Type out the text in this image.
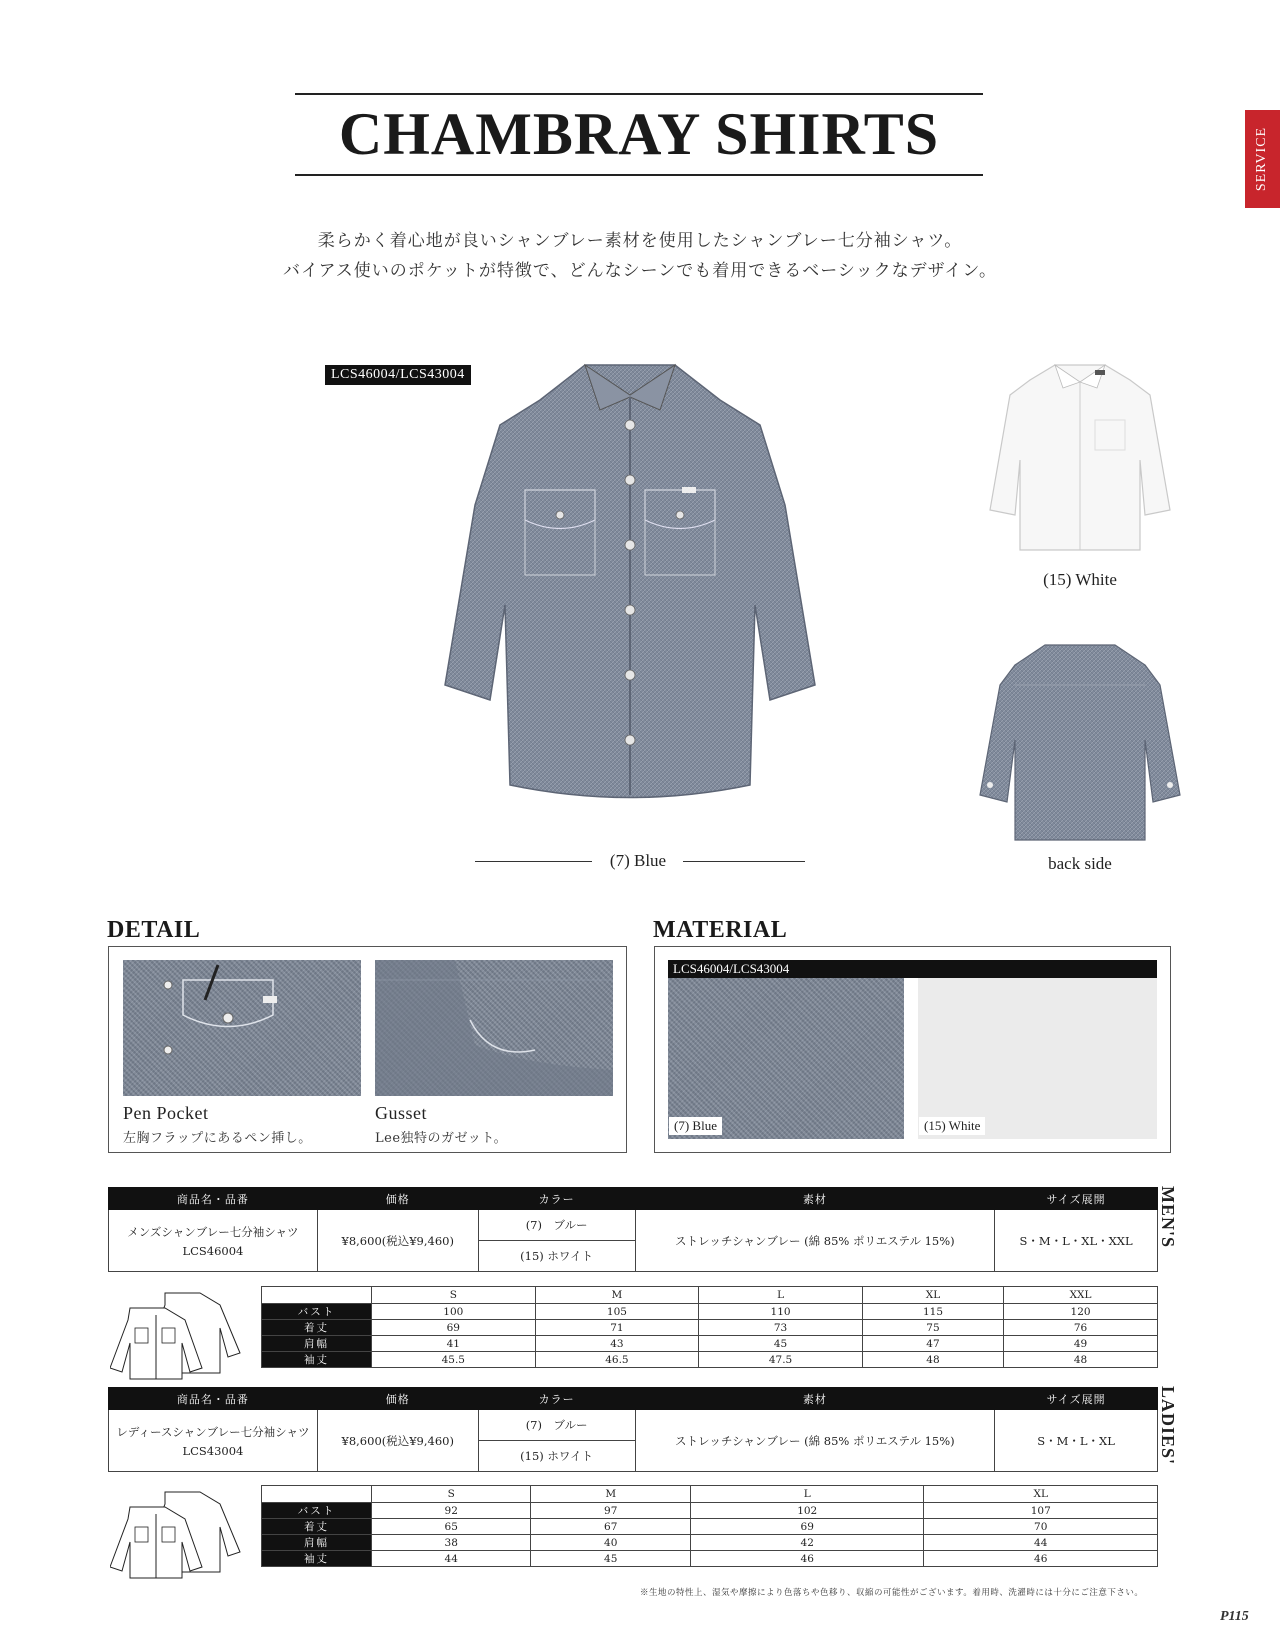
CHAMBRAY SHIRTS	SERVICE
柔らかく着心地が良いシャンブレー素材を使用したシャンブレー七分袖シャツ。
バイアス使いのポケットが特徴で、どんなシーンでも着用できるベーシックなデザイン。
LCS46004/LCS43004
(7) Blue
(15) White
back side
DETAIL
Pen Pocket
左胸フラップにあるペン挿し。
Gusset
Lee独特のガゼット。
MATERIAL
LCS46004/LCS43004
(7) Blue	(15) White
商品名・品番	価格	カラー	素材	サイズ展開

メンズシャンブレー七分袖シャツ
LCS46004	¥8,600(税込¥9,460)	(7)　ブルー	ストレッチシャンブレー (綿 85% ポリエステル 15%)	S・M・L・XL・XXL
		(15) ホワイト		
MEN'S
	S	M	L	XL	XXL
バスト	100	105	110	115	120
着丈	69	71	73	75	76
肩幅	41	43	45	47	49
袖丈	45.5	46.5	47.5	48	48
商品名・品番	価格	カラー	素材	サイズ展開

レディースシャンブレー七分袖シャツ
LCS43004	¥8,600(税込¥9,460)	(7)　ブルー	ストレッチシャンブレー (綿 85% ポリエステル 15%)	S・M・L・XL
		(15) ホワイト			LADIES'
	S	M	L	XL
バスト	92	97	102	107
着丈	65	67	69	70
肩幅	38	40	42	44
袖丈	44	45	46	46
※生地の特性上、湿気や摩擦により色落ちや色移り、収縮の可能性がございます。着用時、洗濯時には十分にご注意下さい。
P115
